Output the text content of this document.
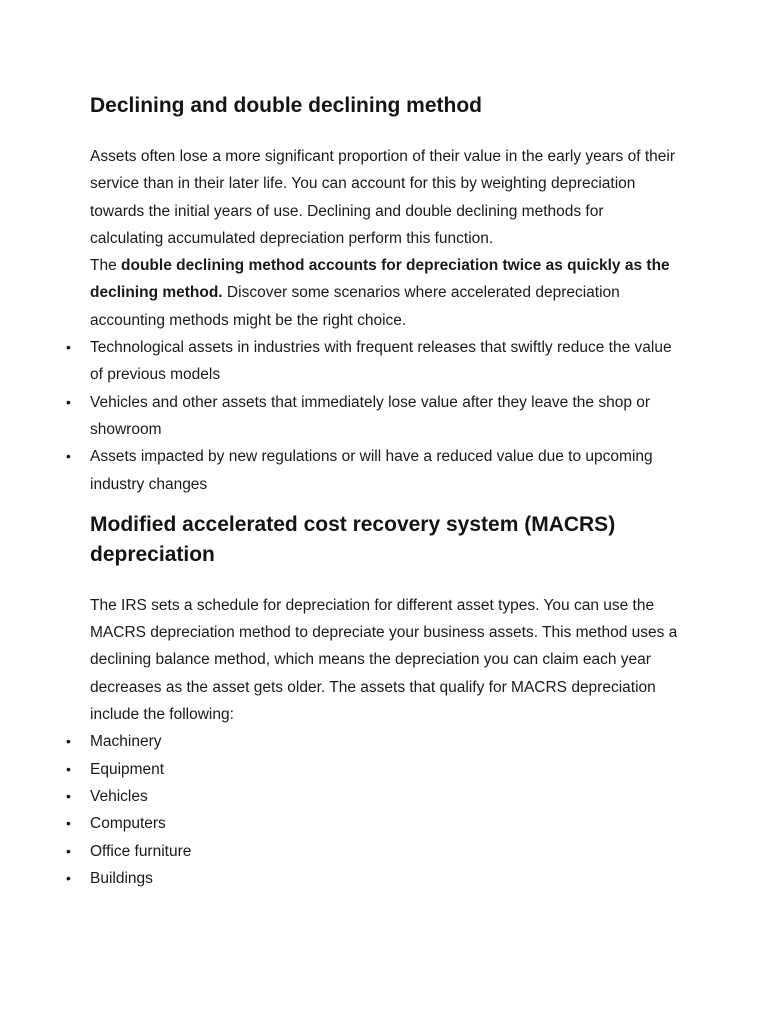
Declining and double declining method

Assets often lose a more significant proportion of their value in the early years of their service than in their later life. You can account for this by weighting depreciation towards the initial years of use. Declining and double declining methods for calculating accumulated depreciation perform this function.

The double declining method accounts for depreciation twice as quickly as the declining method. Discover some scenarios where accelerated depreciation accounting methods might be the right choice.

• Technological assets in industries with frequent releases that swiftly reduce the value of previous models
• Vehicles and other assets that immediately lose value after they leave the shop or showroom
• Assets impacted by new regulations or will have a reduced value due to upcoming industry changes
Modified accelerated cost recovery system (MACRS) depreciation

The IRS sets a schedule for depreciation for different asset types. You can use the MACRS depreciation method to depreciate your business assets. This method uses a declining balance method, which means the depreciation you can claim each year decreases as the asset gets older. The assets that qualify for MACRS depreciation include the following:

• Machinery
• Equipment
• Vehicles
• Computers
• Office furniture
• Buildings
